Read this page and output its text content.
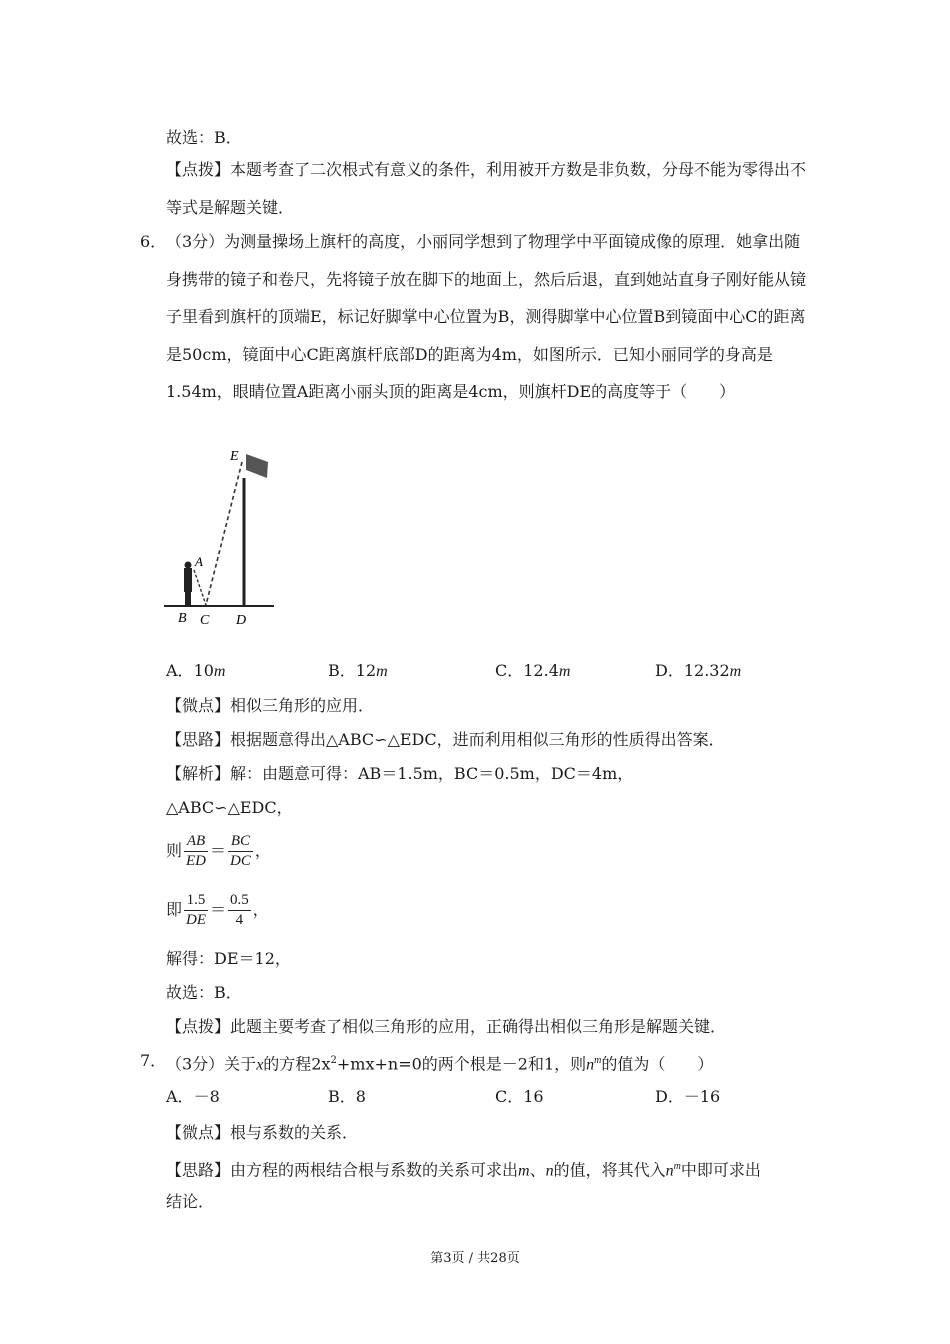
故选：B．
【点拨】本题考查了二次根式有意义的条件，利用被开方数是非负数，分母不能为零得出不等式是解题关键．
6． （3分）为测量操场上旗杆的高度，小丽同学想到了物理学中平面镜成像的原理．她拿出随身携带的镜子和卷尺，先将镜子放在脚下的地面上，然后后退，直到她站直身子刚好能从镜子里看到旗杆的顶端E，标记好脚掌中心位置为B，测得脚掌中心位置B到镜面中心C的距离是50cm，镜面中心C距离旗杆底部D的距离为4m，如图所示．已知小丽同学的身高是1.54m，眼睛位置A距离小丽头顶的距离是4cm，则旗杆DE的高度等于（　　）
E
A
B C D
A．10m	B．12m	C．12.4m	D．12.32m
【微点】相似三角形的应用．
【思路】根据题意得出△ABC∽△EDC，进而利用相似三角形的性质得出答案．
【解析】解：由题意可得：AB＝1.5m，BC＝0.5m，DC＝4m，
△ABC∽△EDC，
则 $\frac{AB}{ED} = \frac{BC}{DC}$ ，
即 $\frac{1.5}{DE} = \frac{0.5}{4}$ ，
解得：DE＝12，
故选：B．
【点拨】此题主要考查了相似三角形的应用，正确得出相似三角形是解题关键．
7． （3分）关于x的方程$2x^2+mx+n=0$的两个根是－2和1，则$n^m$的值为（　　）
A．－8	B．8	C．16	D．－16
【微点】根与系数的关系．
【思路】由方程的两根结合根与系数的关系可求出m、n的值，将其代入$n^m$中即可求出
结论．
第3页 / 共28页
